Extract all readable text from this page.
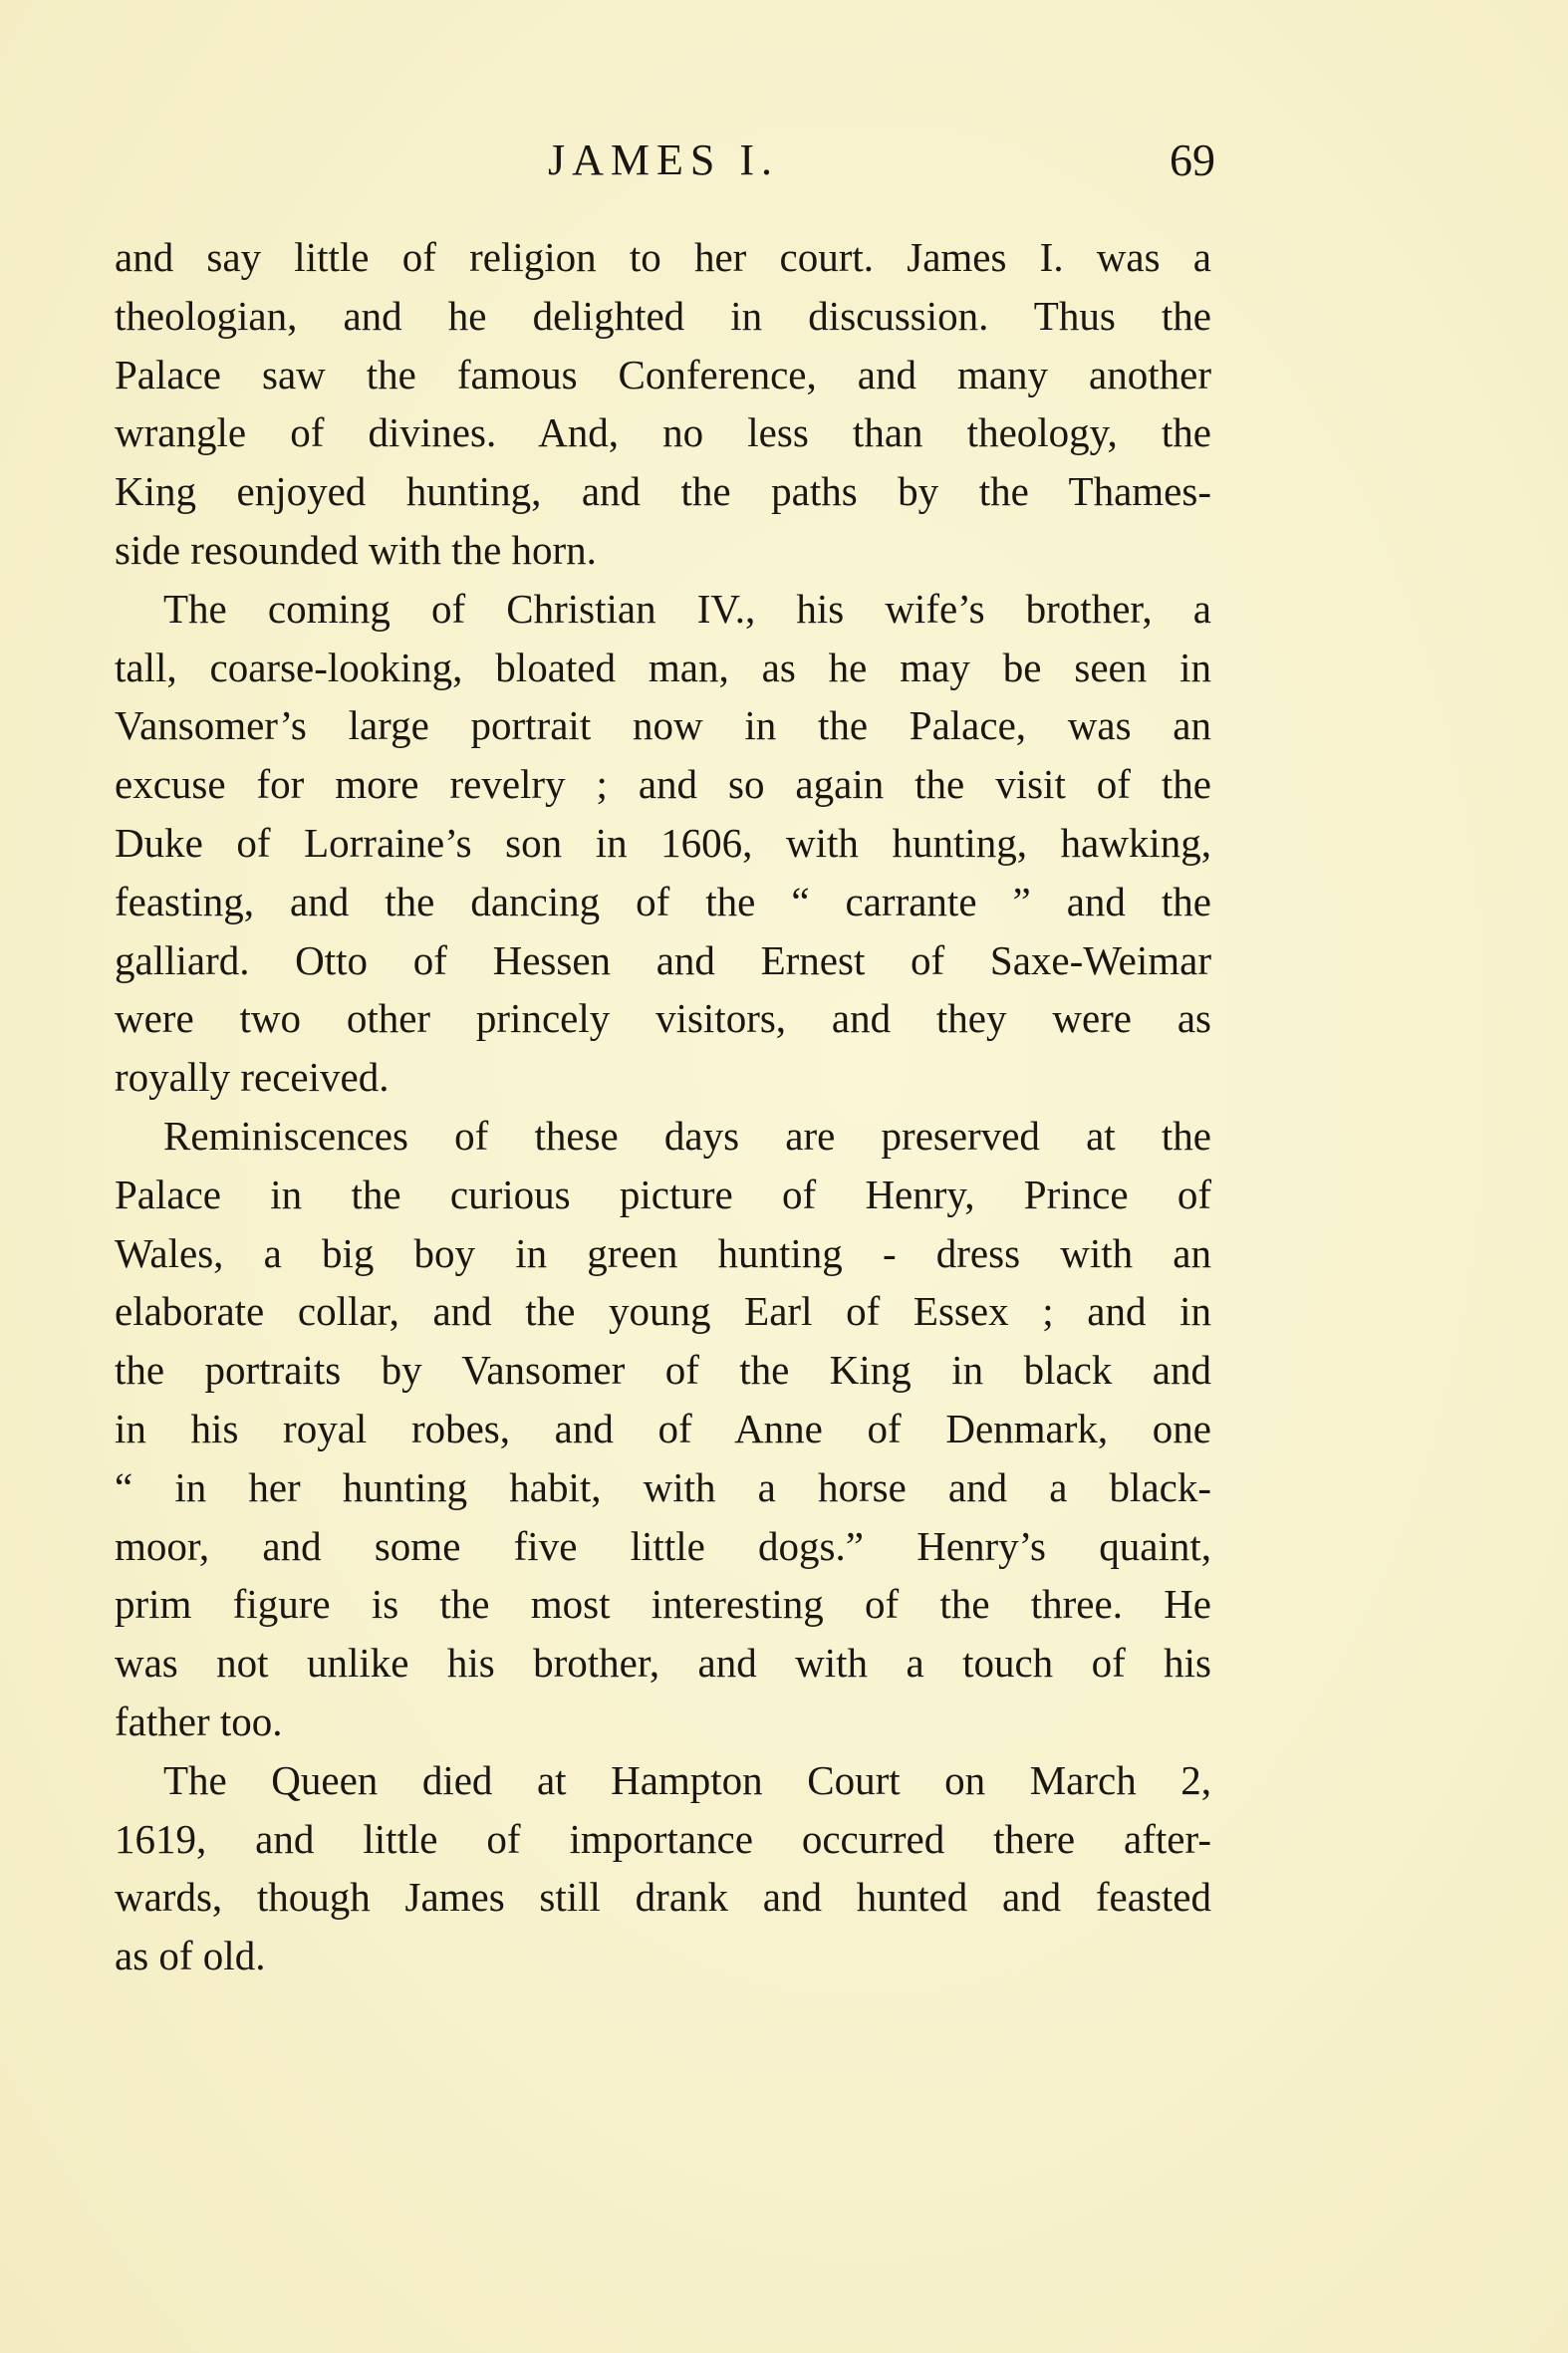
JAMES I.	69
and say little of religion to her court. James I. was a
theologian, and he delighted in discussion. Thus the
Palace saw the famous Conference, and many another
wrangle of divines. And, no less than theology, the
King enjoyed hunting, and the paths by the Thames-
side resounded with the horn.
The coming of Christian IV., his wife’s brother, a
tall, coarse-looking, bloated man, as he may be seen in
Vansomer’s large portrait now in the Palace, was an
excuse for more revelry ; and so again the visit of the
Duke of Lorraine’s son in 1606, with hunting, hawking,
feasting, and the dancing of the “ carrante ” and the
galliard. Otto of Hessen and Ernest of Saxe-Weimar
were two other princely visitors, and they were as
royally received.
Reminiscences of these days are preserved at the
Palace in the curious picture of Henry, Prince of
Wales, a big boy in green hunting - dress with an
elaborate collar, and the young Earl of Essex ; and in
the portraits by Vansomer of the King in black and
in his royal robes, and of Anne of Denmark, one
“ in her hunting habit, with a horse and a black-
moor, and some five little dogs.” Henry’s quaint,
prim figure is the most interesting of the three. He
was not unlike his brother, and with a touch of his
father too.
The Queen died at Hampton Court on March 2,
1619, and little of importance occurred there after-
wards, though James still drank and hunted and feasted
as of old.
